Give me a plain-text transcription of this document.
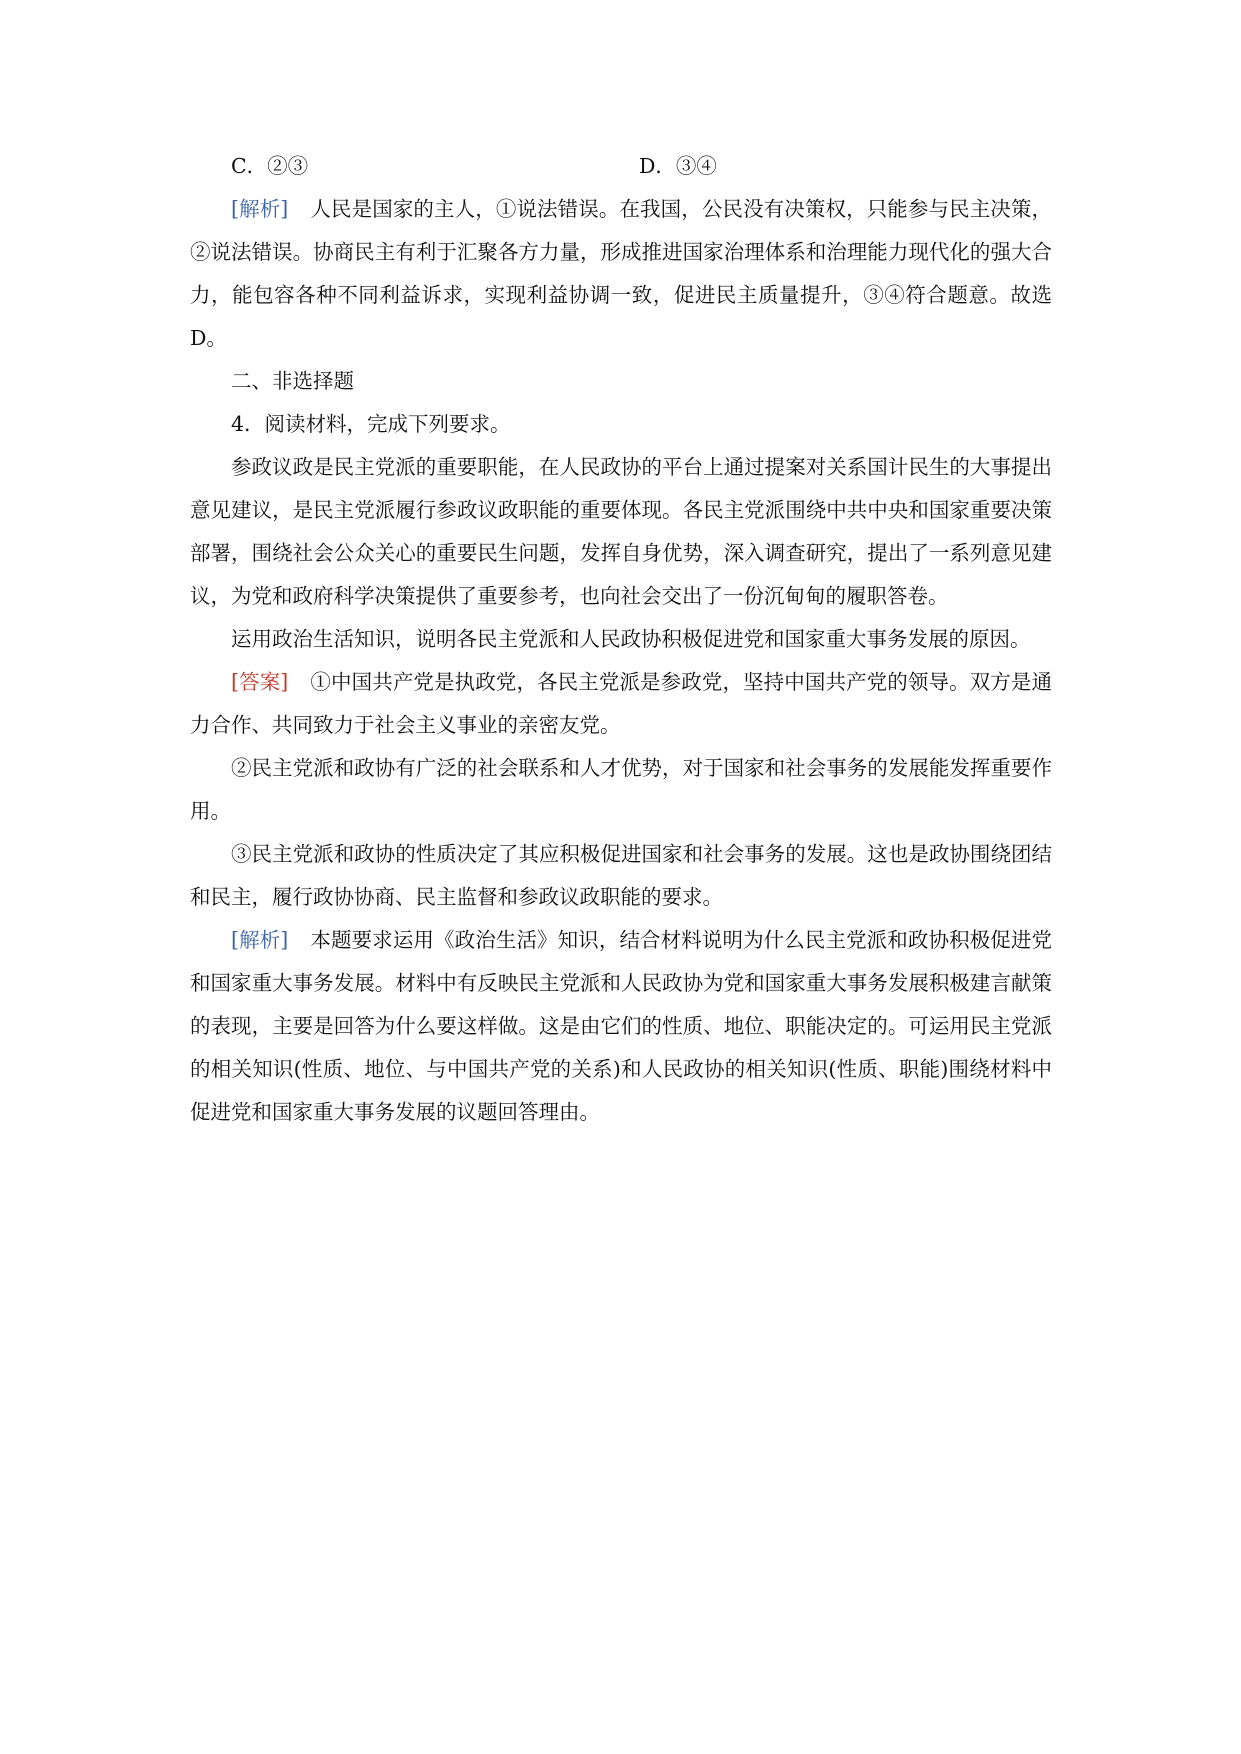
C．②③	D．③④

[解析] 人民是国家的主人，①说法错误。在我国，公民没有决策权，只能参与民主决策，②说法错误。协商民主有利于汇聚各方力量，形成推进国家治理体系和治理能力现代化的强大合力，能包容各种不同利益诉求，实现利益协调一致，促进民主质量提升，③④符合题意。故选D。

二、非选择题

4．阅读材料，完成下列要求。

参政议政是民主党派的重要职能，在人民政协的平台上通过提案对关系国计民生的大事提出意见建议，是民主党派履行参政议政职能的重要体现。各民主党派围绕中共中央和国家重要决策部署，围绕社会公众关心的重要民生问题，发挥自身优势，深入调查研究，提出了一系列意见建议，为党和政府科学决策提供了重要参考，也向社会交出了一份沉甸甸的履职答卷。

运用政治生活知识，说明各民主党派和人民政协积极促进党和国家重大事务发展的原因。

[答案] ①中国共产党是执政党，各民主党派是参政党，坚持中国共产党的领导。双方是通力合作、共同致力于社会主义事业的亲密友党。

②民主党派和政协有广泛的社会联系和人才优势，对于国家和社会事务的发展能发挥重要作用。

③民主党派和政协的性质决定了其应积极促进国家和社会事务的发展。这也是政协围绕团结和民主，履行政协协商、民主监督和参政议政职能的要求。

[解析] 本题要求运用《政治生活》知识，结合材料说明为什么民主党派和政协积极促进党和国家重大事务发展。材料中有反映民主党派和人民政协为党和国家重大事务发展积极建言献策的表现，主要是回答为什么要这样做。这是由它们的性质、地位、职能决定的。可运用民主党派的相关知识(性质、地位、与中国共产党的关系)和人民政协的相关知识(性质、职能)围绕材料中促进党和国家重大事务发展的议题回答理由。
